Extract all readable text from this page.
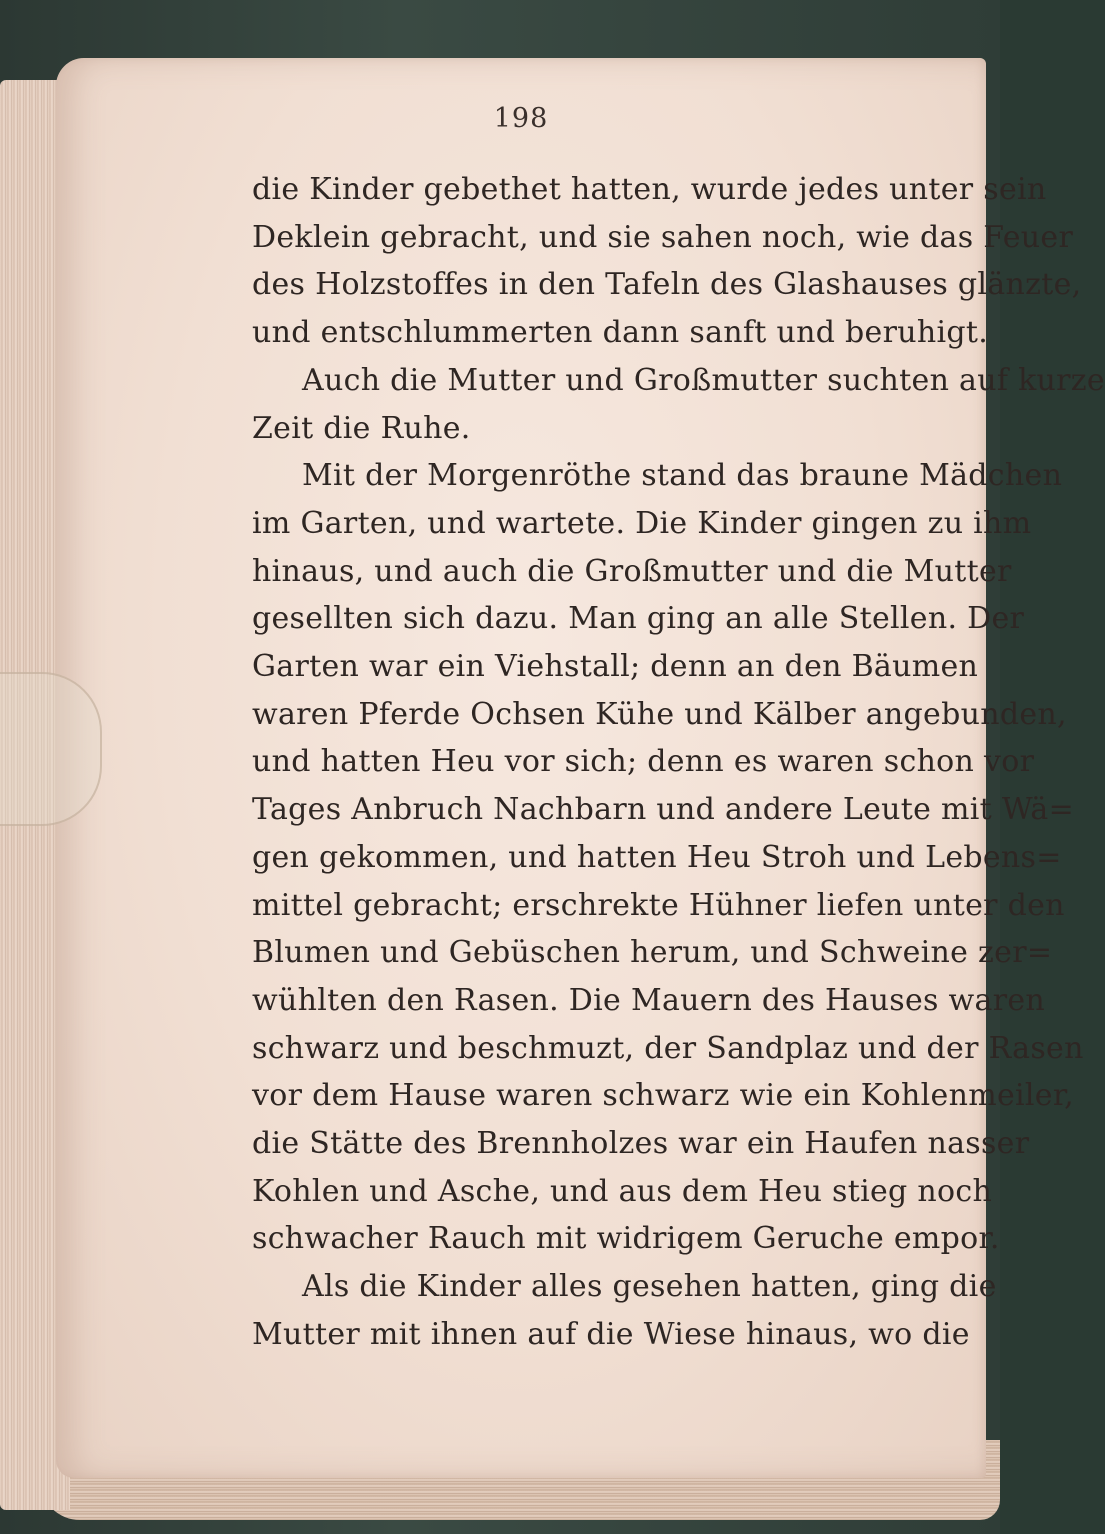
198
die Kinder gebethet hatten, wurde jedes unter sein
Deklein gebracht, und sie sahen noch, wie das Feuer
des Holzstoffes in den Tafeln des Glashauses glänzte,
und entschlummerten dann sanft und beruhigt.
Auch die Mutter und Großmutter suchten auf kurze
Zeit die Ruhe.
Mit der Morgenröthe stand das braune Mädchen
im Garten, und wartete. Die Kinder gingen zu ihm
hinaus, und auch die Großmutter und die Mutter
gesellten sich dazu. Man ging an alle Stellen. Der
Garten war ein Viehstall; denn an den Bäumen
waren Pferde Ochsen Kühe und Kälber angebunden,
und hatten Heu vor sich; denn es waren schon vor
Tages Anbruch Nachbarn und andere Leute mit Wä=
gen gekommen, und hatten Heu Stroh und Lebens=
mittel gebracht; erschrekte Hühner liefen unter den
Blumen und Gebüschen herum, und Schweine zer=
wühlten den Rasen. Die Mauern des Hauses waren
schwarz und beschmuzt, der Sandplaz und der Rasen
vor dem Hause waren schwarz wie ein Kohlenmeiler,
die Stätte des Brennholzes war ein Haufen nasser
Kohlen und Asche, und aus dem Heu stieg noch
schwacher Rauch mit widrigem Geruche empor.
Als die Kinder alles gesehen hatten, ging die
Mutter mit ihnen auf die Wiese hinaus, wo die
